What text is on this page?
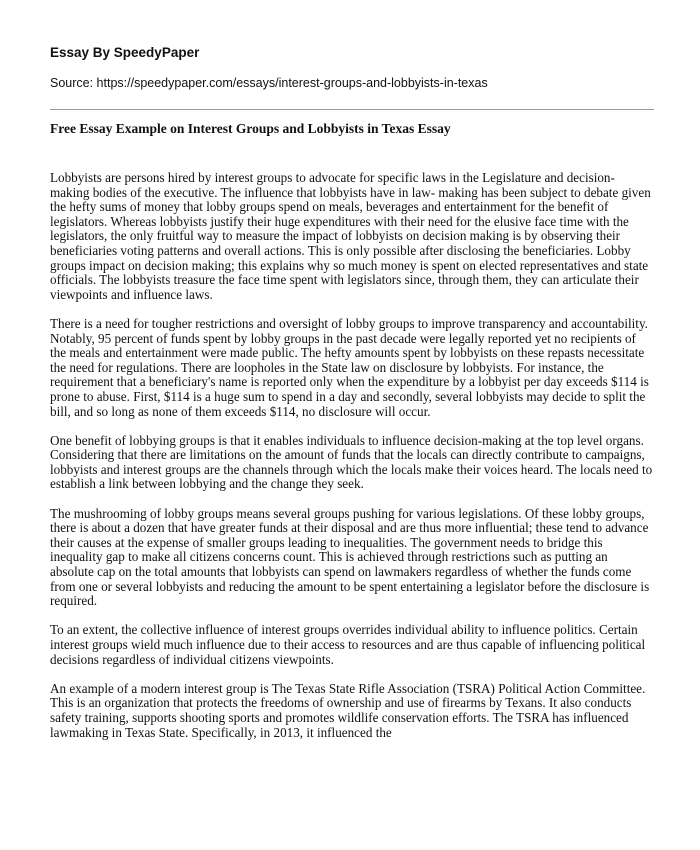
Essay By SpeedyPaper
Source: https://speedypaper.com/essays/interest-groups-and-lobbyists-in-texas
Free Essay Example on Interest Groups and Lobbyists in Texas Essay

Lobbyists are persons hired by interest groups to advocate for specific laws in the Legislature and decision-making bodies of the executive. The influence that lobbyists have in law- making has been subject to debate given the hefty sums of money that lobby groups spend on meals, beverages and entertainment for the benefit of legislators. Whereas lobbyists justify their huge expenditures with their need for the elusive face time with the legislators, the only fruitful way to measure the impact of lobbyists on decision making is by observing their beneficiaries voting patterns and overall actions. This is only possible after disclosing the beneficiaries. Lobby groups impact on decision making; this explains why so much money is spent on elected representatives and state officials. The lobbyists treasure the face time spent with legislators since, through them, they can articulate their viewpoints and influence laws.

There is a need for tougher restrictions and oversight of lobby groups to improve transparency and accountability. Notably, 95 percent of funds spent by lobby groups in the past decade were legally reported yet no recipients of the meals and entertainment were made public. The hefty amounts spent by lobbyists on these repasts necessitate the need for regulations. There are loopholes in the State law on disclosure by lobbyists. For instance, the requirement that a beneficiary's name is reported only when the expenditure by a lobbyist per day exceeds $114 is prone to abuse. First, $114 is a huge sum to spend in a day and secondly, several lobbyists may decide to split the bill, and so long as none of them exceeds $114, no disclosure will occur.

One benefit of lobbying groups is that it enables individuals to influence decision-making at the top level organs. Considering that there are limitations on the amount of funds that the locals can directly contribute to campaigns, lobbyists and interest groups are the channels through which the locals make their voices heard. The locals need to establish a link between lobbying and the change they seek.

The mushrooming of lobby groups means several groups pushing for various legislations. Of these lobby groups, there is about a dozen that have greater funds at their disposal and are thus more influential; these tend to advance their causes at the expense of smaller groups leading to inequalities. The government needs to bridge this inequality gap to make all citizens concerns count. This is achieved through restrictions such as putting an absolute cap on the total amounts that lobbyists can spend on lawmakers regardless of whether the funds come from one or several lobbyists and reducing the amount to be spent entertaining a legislator before the disclosure is required.

To an extent, the collective influence of interest groups overrides individual ability to influence politics. Certain interest groups wield much influence due to their access to resources and are thus capable of influencing political decisions regardless of individual citizens viewpoints.

An example of a modern interest group is The Texas State Rifle Association (TSRA) Political Action Committee. This is an organization that protects the freedoms of ownership and use of firearms by Texans. It also conducts safety training, supports shooting sports and promotes wildlife conservation efforts. The TSRA has influenced lawmaking in Texas State. Specifically, in 2013, it influenced the
